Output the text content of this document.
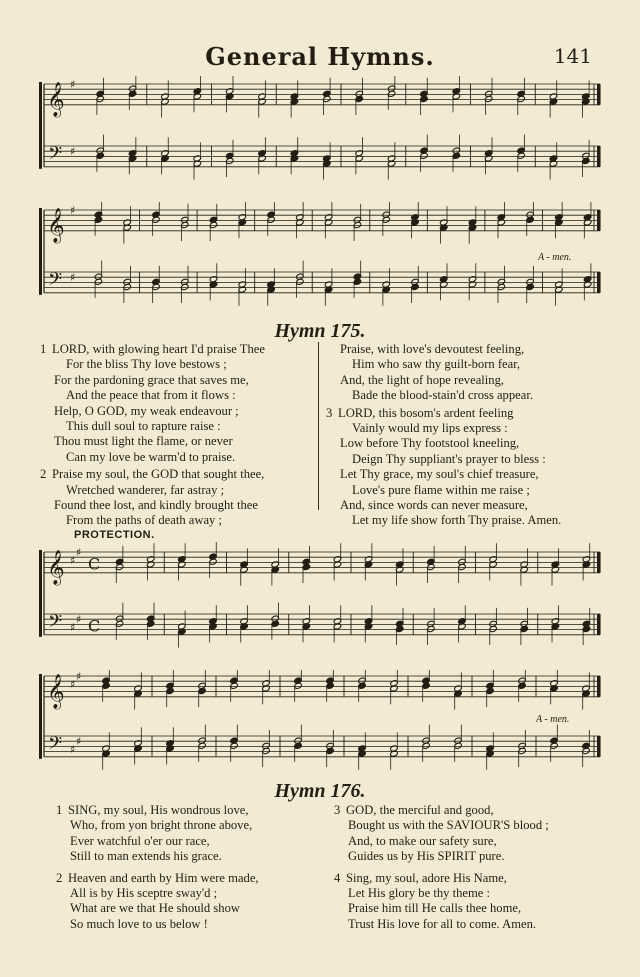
General Hymns.	141
𝄞
𝄢
♯
♯
𝄞
𝄢
♯
♯
A - men.
Hymn 175.
1 LORD, with glowing heart I'd praise Thee
For the bliss Thy love bestows ;
For the pardoning grace that saves me,
And the peace that from it flows :
Help, O GOD, my weak endeavour ;
This dull soul to rapture raise :
Thou must light the flame, or never
Can my love be warm'd to praise.
2 Praise my soul, the GOD that sought thee,
Wretched wanderer, far astray ;
Found thee lost, and kindly brought thee
From the paths of death away ;
Praise, with love's devoutest feeling,
Him who saw thy guilt-born fear,
And, the light of hope revealing,
Bade the blood-stain'd cross appear.
3 LORD, this bosom's ardent feeling
Vainly would my lips express :
Low before Thy footstool kneeling,
Deign Thy suppliant's prayer to bless :
Let Thy grace, my soul's chief treasure,
Love's pure flame within me raise ;
And, since words can never measure,
Let my life show forth Thy praise. Amen.
PROTECTION.
𝄞
𝄢
♯
♯
♯
♯
C
C
𝄞
𝄢
♯
♯
♯
♯
A - men.
Hymn 176.
1 SING, my soul, His wondrous love,
Who, from yon bright throne above,
Ever watchful o'er our race,
Still to man extends his grace.
2 Heaven and earth by Him were made,
All is by His sceptre sway'd ;
What are we that He should show
So much love to us below !
3 GOD, the merciful and good,
Bought us with the SAVIOUR'S blood ;
And, to make our safety sure,
Guides us by His SPIRIT pure.
4 Sing, my soul, adore His Name,
Let His glory be thy theme :
Praise him till He calls thee home,
Trust His love for all to come. Amen.
